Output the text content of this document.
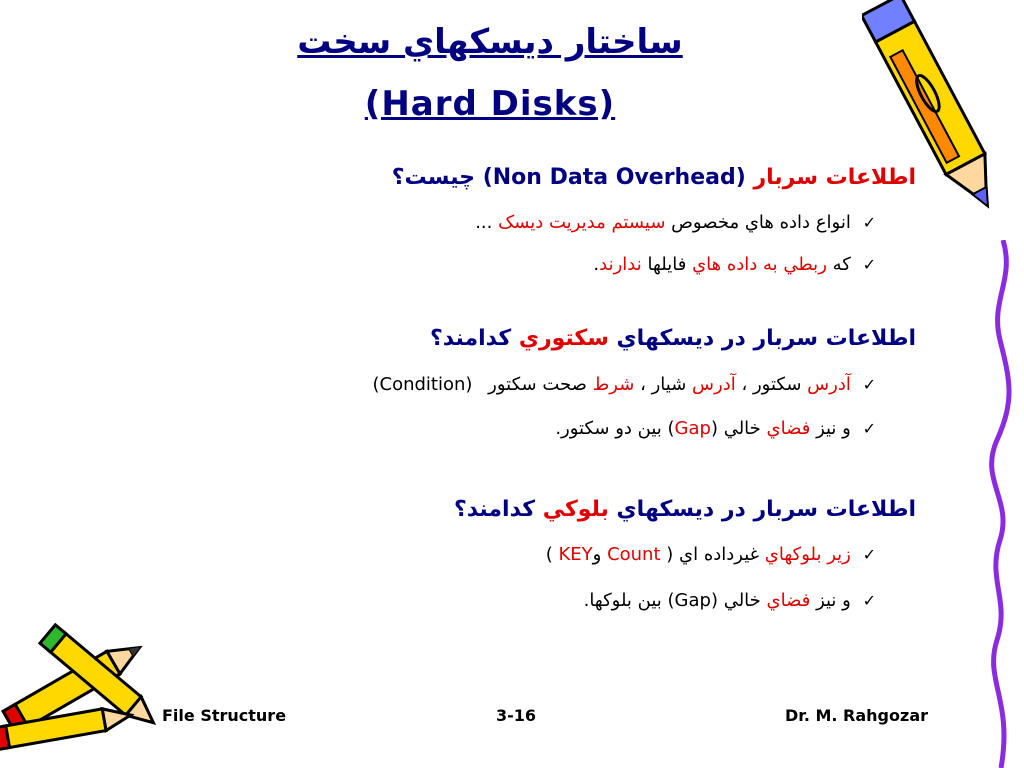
ساختار دیسکهاي سخت
(Hard Disks)
اطلاعات سربار (Non Data Overhead) چيست؟
✓ انواع داده هاي مخصوص سيستم مديريت ديسک ...
✓ که ربطي به داده هاي فايلها ندارند.
اطلاعات سربار در دیسکهاي سکتوري کدامند؟
✓ آدرس سکتور ، آدرس شيار ، شرط صحت سکتور (Condition)
✓ و نيز فضاي خالي (Gap) بين دو سکتور.
اطلاعات سربار در دیسکهاي بلوکي کدامند؟
✓ زير بلوکهاي غيرداده اي ( Count وKEY )
✓ و نيز فضاي خالي (Gap) بين بلوکها.
File Structure	3-16	Dr. M. Rahgozar
